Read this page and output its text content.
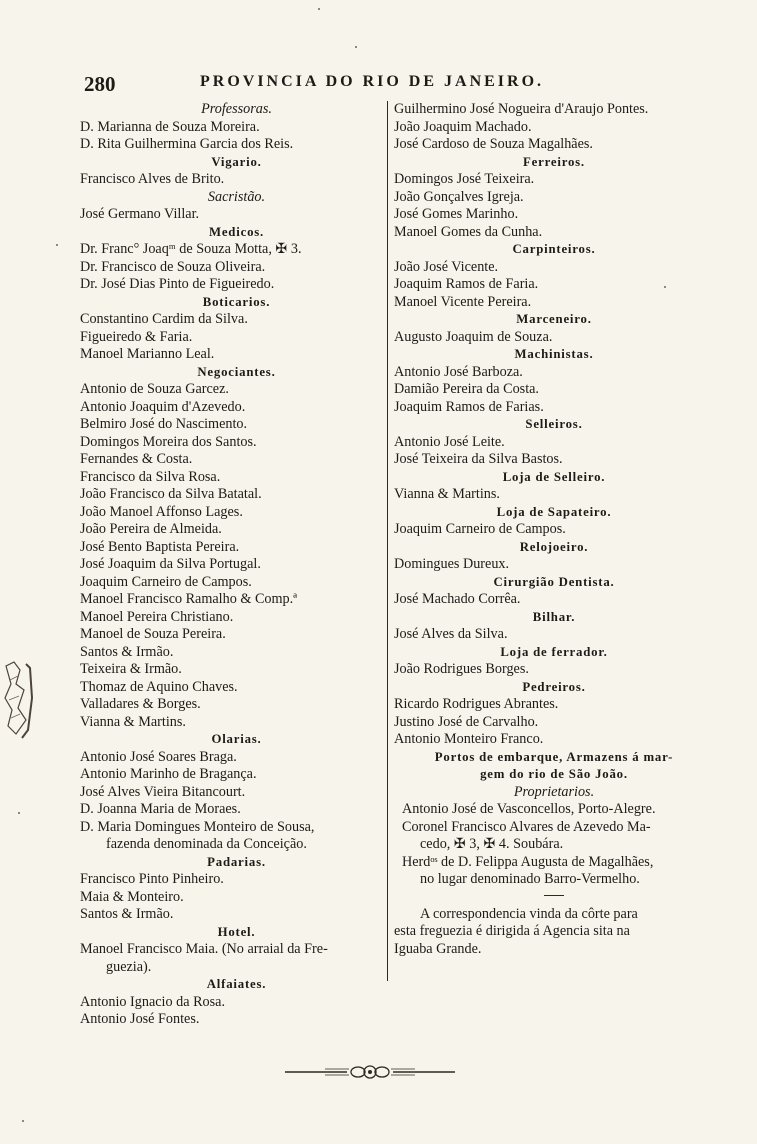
280	PROVINCIA DO RIO DE JANEIRO.
Professoras.
D. Marianna de Souza Moreira.
D. Rita Guilhermina Garcia dos Reis.
Vigario.
Francisco Alves de Brito.
Sacristão.
José Germano Villar.
Medicos.
Dr. Franc° Joaqᵐ de Souza Motta, ✠ 3.
Dr. Francisco de Souza Oliveira.
Dr. José Dias Pinto de Figueiredo.
Boticarios.
Constantino Cardim da Silva.
Figueiredo & Faria.
Manoel Marianno Leal.
Negociantes.
Antonio de Souza Garcez.
Antonio Joaquim d'Azevedo.
Belmiro José do Nascimento.
Domingos Moreira dos Santos.
Fernandes & Costa.
Francisco da Silva Rosa.
João Francisco da Silva Batatal.
João Manoel Affonso Lages.
João Pereira de Almeida.
José Bento Baptista Pereira.
José Joaquim da Silva Portugal.
Joaquim Carneiro de Campos.
Manoel Francisco Ramalho & Comp.ª
Manoel Pereira Christiano.
Manoel de Souza Pereira.
Santos & Irmão.
Teixeira & Irmão.
Thomaz de Aquino Chaves.
Valladares & Borges.
Vianna & Martins.
Olarias.
Antonio José Soares Braga.
Antonio Marinho de Bragança.
José Alves Vieira Bitancourt.
D. Joanna Maria de Moraes.
D. Maria Domingues Monteiro de Sousa,
fazenda denominada da Conceição.
Padarias.
Francisco Pinto Pinheiro.
Maia & Monteiro.
Santos & Irmão.
Hotel.
Manoel Francisco Maia. (No arraial da Fre-
guezia).
Alfaiates.
Antonio Ignacio da Rosa.
Antonio José Fontes.
Guilhermino José Nogueira d'Araujo Pontes.
João Joaquim Machado.
José Cardoso de Souza Magalhães.
Ferreiros.
Domingos José Teixeira.
João Gonçalves Igreja.
José Gomes Marinho.
Manoel Gomes da Cunha.
Carpinteiros.
João José Vicente.
Joaquim Ramos de Faria.
Manoel Vicente Pereira.
Marceneiro.
Augusto Joaquim de Souza.
Machinistas.
Antonio José Barboza.
Damião Pereira da Costa.
Joaquim Ramos de Farias.
Selleiros.
Antonio José Leite.
José Teixeira da Silva Bastos.
Loja de Selleiro.
Vianna & Martins.
Loja de Sapateiro.
Joaquim Carneiro de Campos.
Relojoeiro.
Domingues Dureux.
Cirurgião Dentista.
José Machado Corrêa.
Bilhar.
José Alves da Silva.
Loja de ferrador.
João Rodrigues Borges.
Pedreiros.
Ricardo Rodrigues Abrantes.
Justino José de Carvalho.
Antonio Monteiro Franco.
Portos de embarque, Armazens á mar-
gem do rio de São João.
Proprietarios.
Antonio José de Vasconcellos, Porto-Alegre.
Coronel Francisco Alvares de Azevedo Ma-
cedo, ✠ 3, ✠ 4. Soubára.
Herdᵒˢ de D. Felippa Augusta de Magalhães,
no lugar denominado Barro-Vermelho.
A correspondencia vinda da côrte para
esta freguezia é dirigida á Agencia sita na
Iguaba Grande.
